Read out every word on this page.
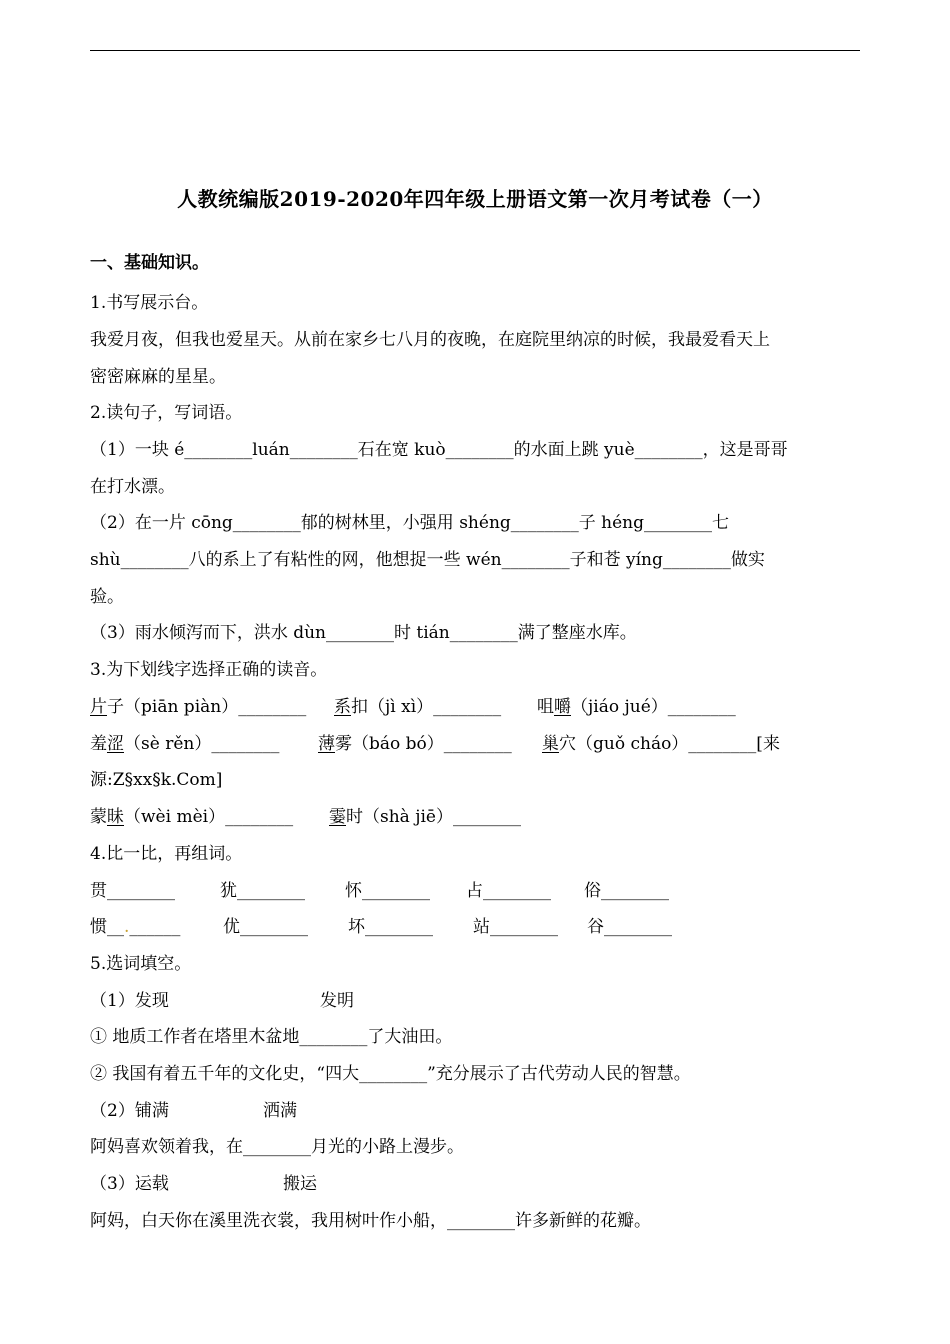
人教统编版2019-2020年四年级上册语文第一次月考试卷（一）
一、基础知识。
1.书写展示台。
我爱月夜，但我也爱星天。从前在家乡七八月的夜晚，在庭院里纳凉的时候，我最爱看天上
密密麻麻的星星。
2.读句子，写词语。
（1）一块 é________luán________石在宽 kuò________的水面上跳 yuè________，这是哥哥
在打水漂。
（2）在一片 cōng________郁的树林里，小强用 shéng________子 héng________七
shù________八的系上了有粘性的网，他想捉一些 wén________子和苍 yíng________做实
验。
（3）雨水倾泻而下，洪水 dùn________时 tián________满了整座水库。
3.为下划线字选择正确的读音。
片子（piān piàn）________ 系扣（jì xì）________ 咀嚼（jiáo jué）________
羞涩（sè rěn）________ 薄雾（báo bó）________ 巢穴（guǒ cháo）________[来
源:Z§xx§k.Com]
蒙昧（wèi mèi）________ 霎时（shà jiē）________
4.比一比，再组词。
贯________	犹________ 怀________ 占________ 俗________
惯__.______	优________ 坏________ 站________ 谷________
5.选词填空。
（1）发现	发明
① 地质工作者在塔里木盆地________了大油田。
② 我国有着五千年的文化史，“四大________”充分展示了古代劳动人民的智慧。
（2）铺满	洒满
阿妈喜欢领着我，在________月光的小路上漫步。
（3）运载	搬运
阿妈，白天你在溪里洗衣裳，我用树叶作小船，________许多新鲜的花瓣。
